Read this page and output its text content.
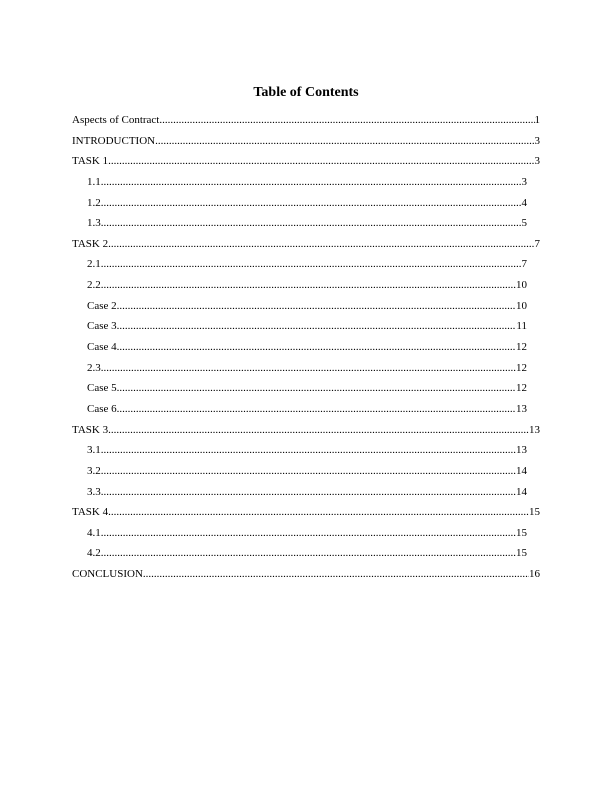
Table of Contents
Aspects of Contract .....	1
INTRODUCTION .....	3
TASK 1 .....	3
1.1 .....	3
1.2 .....	4
1.3 .....	5
TASK 2 .....	7
2.1 .....	7
2.2 .....	10
Case 2 .....	10
Case 3 .....	11
Case 4 .....	12
2.3 .....	12
Case 5 .....	12
Case 6 .....	13
TASK 3 .....	13
3.1 .....	13
3.2 .....	14
3.3 .....	14
TASK 4 .....	15
4.1 .....	15
4.2 .....	15
CONCLUSION .....	16
